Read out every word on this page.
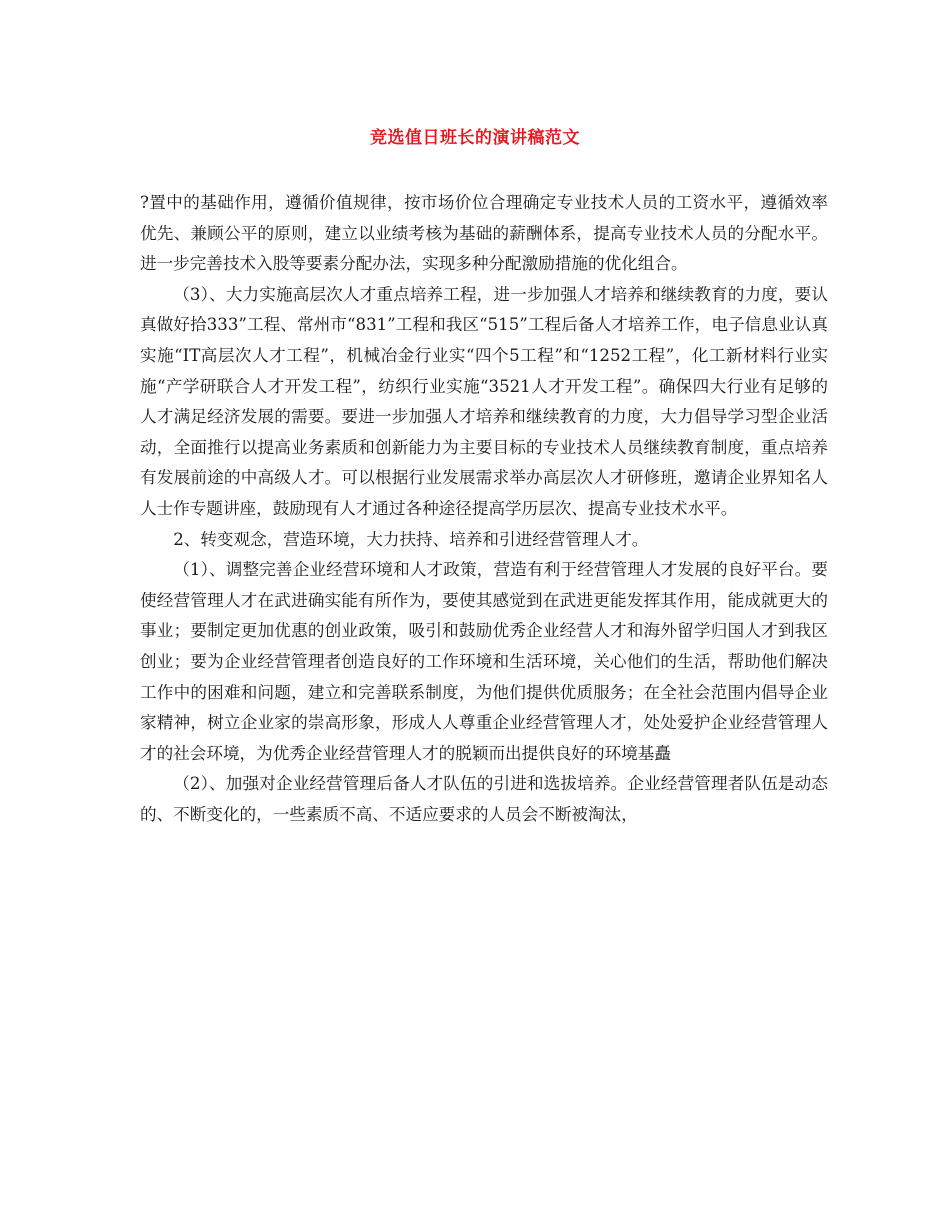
竞选值日班长的演讲稿范文

?置中的基础作用，遵循价值规律，按市场价位合理确定专业技术人员的工资水平，遵循效率优先、兼顾公平的原则，建立以业绩考核为基础的薪酬体系，提高专业技术人员的分配水平。进一步完善技术入股等要素分配办法，实现多种分配激励措施的优化组合。

（3）、大力实施高层次人才重点培养工程，进一步加强人才培养和继续教育的力度，要认真做好拾333”工程、常州市“831”工程和我区“515”工程后备人才培养工作，电子信息业认真实施“IT高层次人才工程”，机械冶金行业实“四个5工程”和“1252工程”，化工新材料行业实施“产学研联合人才开发工程”，纺织行业实施“3521人才开发工程”。确保四大行业有足够的人才满足经济发展的需要。要进一步加强人才培养和继续教育的力度，大力倡导学习型企业活动，全面推行以提高业务素质和创新能力为主要目标的专业技术人员继续教育制度，重点培养有发展前途的中高级人才。可以根据行业发展需求举办高层次人才研修班，邀请企业界知名人人士作专题讲座，鼓励现有人才通过各种途径提高学历层次、提高专业技术水平。

2、转变观念，营造环境，大力扶持、培养和引进经营管理人才。

（1）、调整完善企业经营环境和人才政策，营造有利于经营管理人才发展的良好平台。要使经营管理人才在武进确实能有所作为，要使其感觉到在武进更能发挥其作用，能成就更大的事业；要制定更加优惠的创业政策，吸引和鼓励优秀企业经营人才和海外留学归国人才到我区创业；要为企业经营管理者创造良好的工作环境和生活环境，关心他们的生活，帮助他们解决工作中的困难和问题，建立和完善联系制度，为他们提供优质服务；在全社会范围内倡导企业家精神，树立企业家的崇高形象，形成人人尊重企业经营管理人才，处处爱护企业经营管理人才的社会环境，为优秀企业经营管理人才的脱颖而出提供良好的环境基矗

（2）、加强对企业经营管理后备人才队伍的引进和选拔培养。企业经营管理者队伍是动态的、不断变化的，一些素质不高、不适应要求的人员会不断被淘汰，
